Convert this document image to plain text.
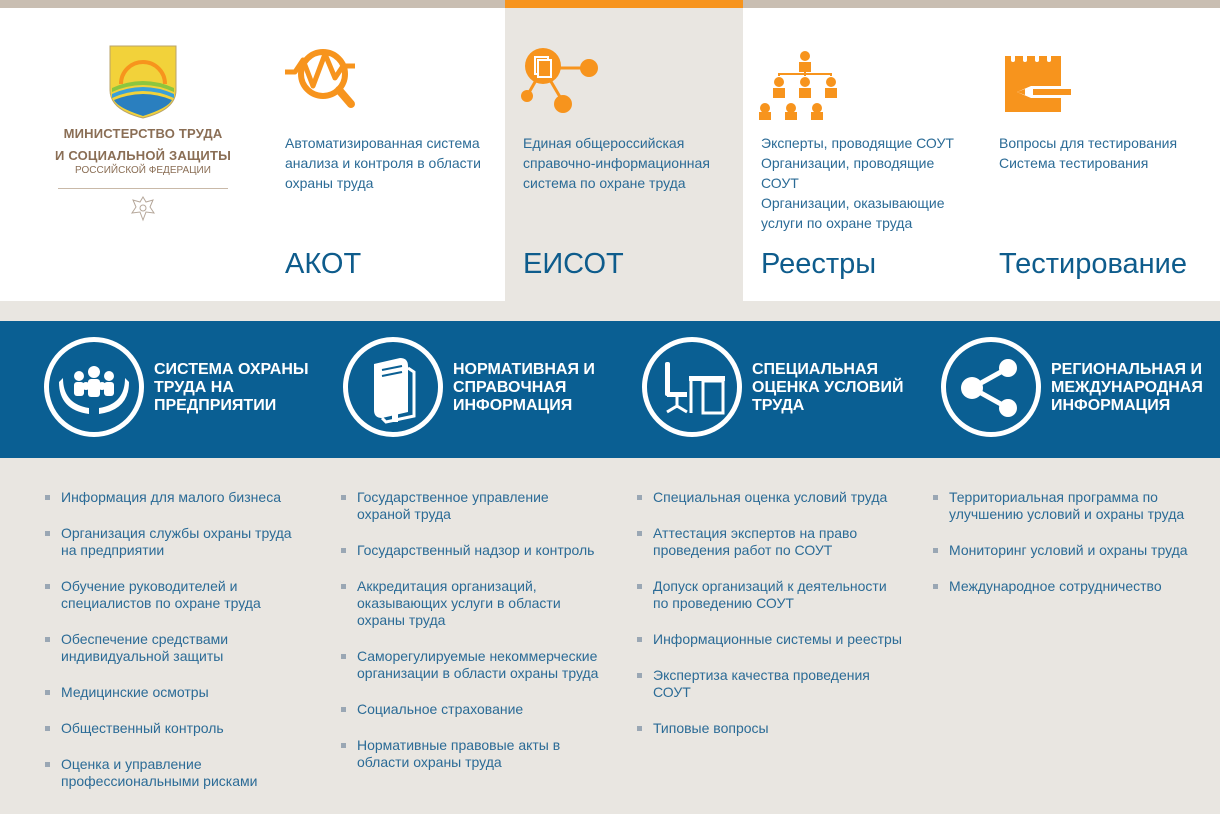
МИНИСТЕРСТВО ТРУДА
И СОЦИАЛЬНОЙ ЗАЩИТЫ
РОССИЙСКОЙ ФЕДЕРАЦИИ
Автоматизированная система
анализа и контроля в области
охраны труда
АКОТ
Единая общероссийская
справочно-информационная
система по охране труда
ЕИСОТ
Эксперты, проводящие СОУТ
Организации, проводящие
СОУТ
Организации, оказывающие
услуги по охране труда
Реестры
Вопросы для тестирования
Система тестирования
Тестирование
СИСТЕМА ОХРАНЫ ТРУДА НА ПРЕДПРИЯТИИ
НОРМАТИВНАЯ И СПРАВОЧНАЯ ИНФОРМАЦИЯ
СПЕЦИАЛЬНАЯ ОЦЕНКА УСЛОВИЙ ТРУДА
РЕГИОНАЛЬНАЯ И МЕЖДУНАРОДНАЯ ИНФОРМАЦИЯ
Информация для малого бизнеса
Организация службы охраны труда на предприятии
Обучение руководителей и специалистов по охране труда
Обеспечение средствами индивидуальной защиты
Медицинские осмотры
Общественный контроль
Оценка и управление профессиональными рисками
Государственное управление охраной труда
Государственный надзор и контроль
Аккредитация организаций, оказывающих услуги в области охраны труда
Саморегулируемые некоммерческие организации в области охраны труда
Социальное страхование
Нормативные правовые акты в области охраны труда
Специальная оценка условий труда
Аттестация экспертов на право проведения работ по СОУТ
Допуск организаций к деятельности по проведению СОУТ
Информационные системы и реестры
Экспертиза качества проведения СОУТ
Типовые вопросы
Территориальная программа по улучшению условий и охраны труда
Мониторинг условий и охраны труда
Международное сотрудничество
